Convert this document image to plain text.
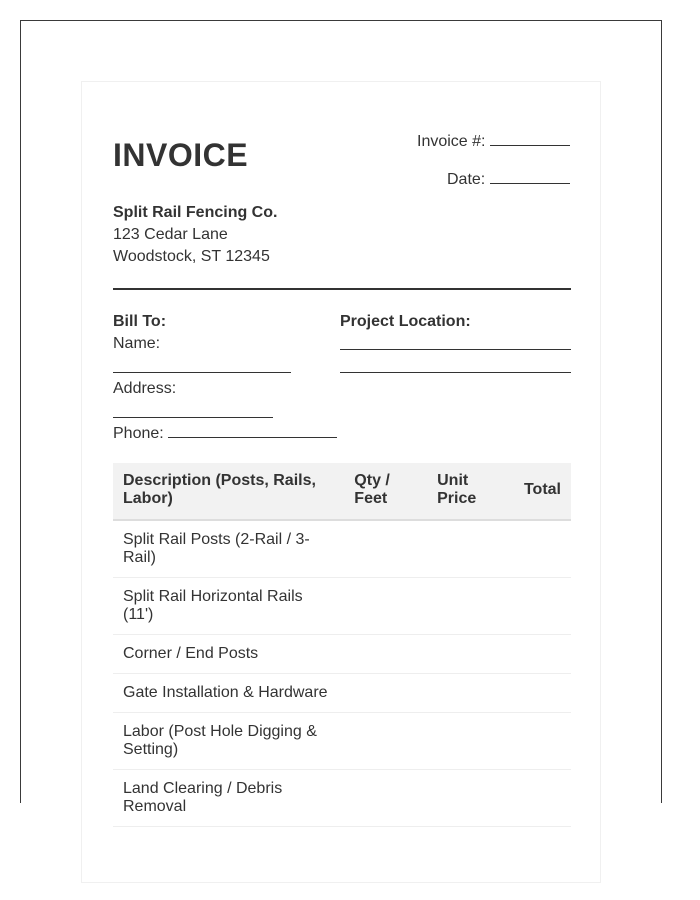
INVOICE	Invoice #:
Date:
Split Rail Fencing Co.
123 Cedar Lane
Woodstock, ST 12345
Bill To:
Name:
Address:
Phone:
Project Location:
Description (Posts, Rails, Labor)	Qty / Feet	Unit Price	Total
Split Rail Posts (2-Rail / 3-Rail)			
Split Rail Horizontal Rails (11')			
Corner / End Posts			
Gate Installation & Hardware			
Labor (Post Hole Digging & Setting)			
Land Clearing / Debris Removal			
